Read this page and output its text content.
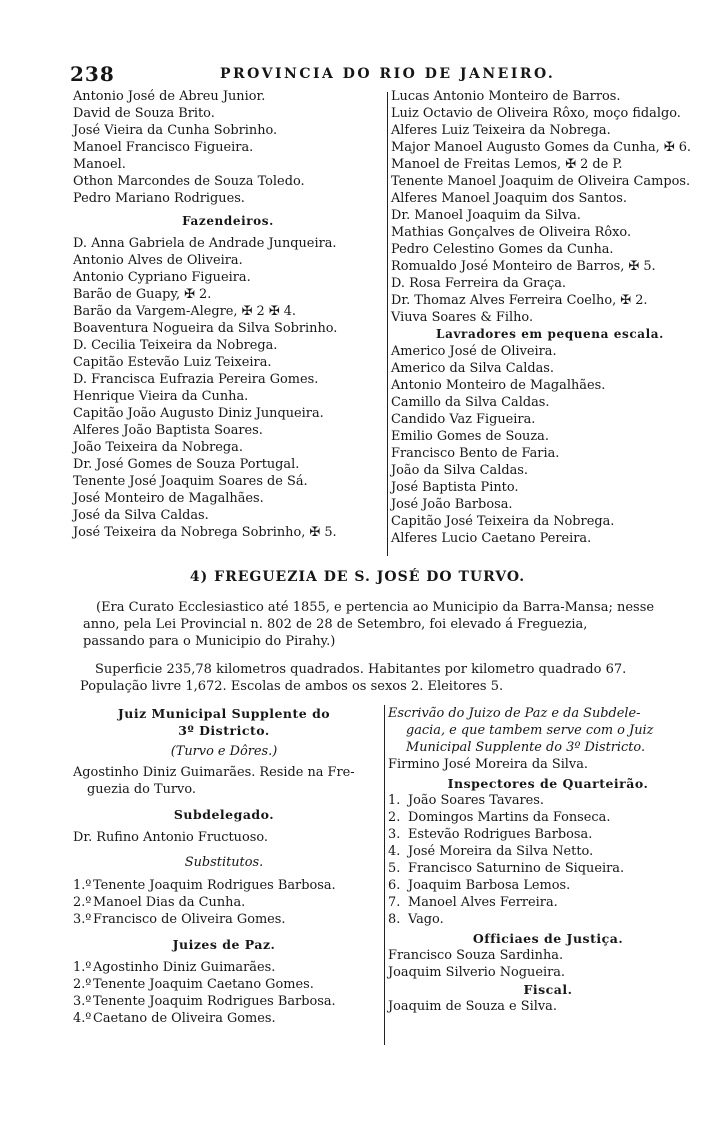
238	PROVINCIA DO RIO DE JANEIRO.
Antonio José de Abreu Junior.
David de Souza Brito.
José Vieira da Cunha Sobrinho.
Manoel Francisco Figueira.
Manoel.
Othon Marcondes de Souza Toledo.
Pedro Mariano Rodrigues.
Fazendeiros.
D. Anna Gabriela de Andrade Junqueira.
Antonio Alves de Oliveira.
Antonio Cypriano Figueira.
Barão de Guapy, ✠ 2.
Barão da Vargem-Alegre, ✠ 2 ✠ 4.
Boaventura Nogueira da Silva Sobrinho.
D. Cecilia Teixeira da Nobrega.
Capitão Estevão Luiz Teixeira.
D. Francisca Eufrazia Pereira Gomes.
Henrique Vieira da Cunha.
Capitão João Augusto Diniz Junqueira.
Alferes João Baptista Soares.
João Teixeira da Nobrega.
Dr. José Gomes de Souza Portugal.
Tenente José Joaquim Soares de Sá.
José Monteiro de Magalhães.
José da Silva Caldas.
José Teixeira da Nobrega Sobrinho, ✠ 5.
Lucas Antonio Monteiro de Barros.
Luiz Octavio de Oliveira Rôxo, moço fidalgo.
Alferes Luiz Teixeira da Nobrega.
Major Manoel Augusto Gomes da Cunha, ✠ 6.
Manoel de Freitas Lemos, ✠ 2 de P.
Tenente Manoel Joaquim de Oliveira Campos.
Alferes Manoel Joaquim dos Santos.
Dr. Manoel Joaquim da Silva.
Mathias Gonçalves de Oliveira Rôxo.
Pedro Celestino Gomes da Cunha.
Romualdo José Monteiro de Barros, ✠ 5.
D. Rosa Ferreira da Graça.
Dr. Thomaz Alves Ferreira Coelho, ✠ 2.
Viuva Soares & Filho.
Lavradores em pequena escala.
Americo José de Oliveira.
Americo da Silva Caldas.
Antonio Monteiro de Magalhães.
Camillo da Silva Caldas.
Candido Vaz Figueira.
Emilio Gomes de Souza.
Francisco Bento de Faria.
João da Silva Caldas.
José Baptista Pinto.
José João Barbosa.
Capitão José Teixeira da Nobrega.
Alferes Lucio Caetano Pereira.
4) FREGUEZIA DE S. JOSÉ DO TURVO.
(Era Curato Ecclesiastico até 1855, e pertencia ao Municipio da Barra-Mansa; nesse
anno, pela Lei Provincial n. 802 de 28 de Setembro, foi elevado á Freguezia,
passando para o Municipio do Pirahy.)
Superficie 235,78 kilometros quadrados. Habitantes por kilometro quadrado 67.
População livre 1,672. Escolas de ambos os sexos 2. Eleitores 5.
Juiz Municipal Supplente do
3º Districto.
(Turvo e Dôres.)
Agostinho Diniz Guimarães. Reside na Fre-
guezia do Turvo.
Subdelegado.
Dr. Rufino Antonio Fructuoso.
Substitutos.
1.º Tenente Joaquim Rodrigues Barbosa.
2.º Manoel Dias da Cunha.
3.º Francisco de Oliveira Gomes.
Juizes de Paz.
1.º Agostinho Diniz Guimarães.
2.º Tenente Joaquim Caetano Gomes.
3.º Tenente Joaquim Rodrigues Barbosa.
4.º Caetano de Oliveira Gomes.
Escrivão do Juizo de Paz e da Subdele-
gacia, e que tambem serve com o Juiz
Municipal Supplente do 3º Districto.
Firmino José Moreira da Silva.
Inspectores de Quarteirão.
1. João Soares Tavares.
2. Domingos Martins da Fonseca.
3. Estevão Rodrigues Barbosa.
4. José Moreira da Silva Netto.
5. Francisco Saturnino de Siqueira.
6. Joaquim Barbosa Lemos.
7. Manoel Alves Ferreira.
8. Vago.
Officiaes de Justiça.
Francisco Souza Sardinha.
Joaquim Silverio Nogueira.
Fiscal.
Joaquim de Souza e Silva.
